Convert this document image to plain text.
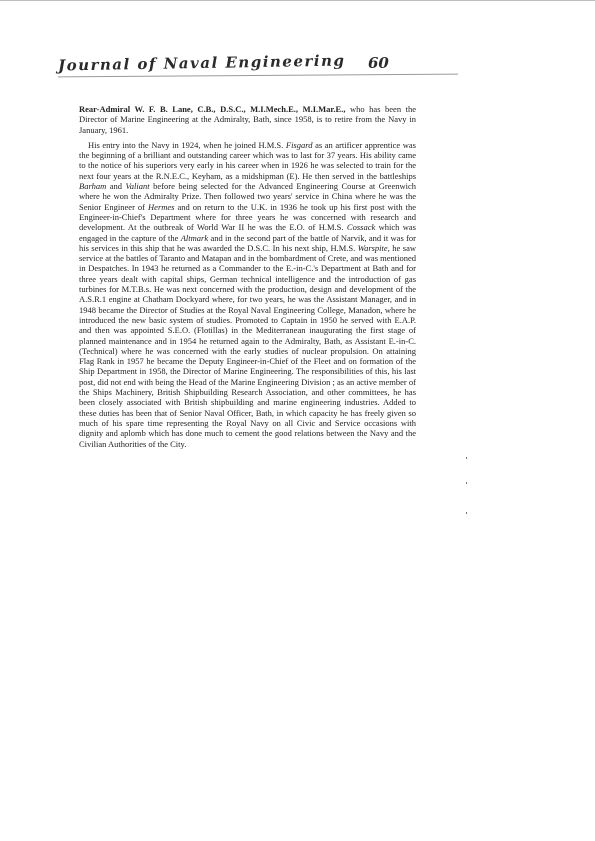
Journal of Naval Engineering 60

Rear-Admiral W. F. B. Lane, C.B., D.S.C., M.I.Mech.E., M.I.Mar.E., who has been the Director of Marine Engineering at the Admiralty, Bath, since 1958, is to retire from the Navy in January, 1961.

His entry into the Navy in 1924, when he joined H.M.S. Fisgard as an artificer apprentice was the beginning of a brilliant and outstanding career which was to last for 37 years. His ability came to the notice of his superiors very early in his career when in 1926 he was selected to train for the next four years at the R.N.E.C., Keyham, as a midshipman (E). He then served in the battleships Barham and Valiant before being selected for the Advanced Engineering Course at Greenwich where he won the Admiralty Prize. Then followed two years' service in China where he was the Senior Engineer of Hermes and on return to the U.K. in 1936 he took up his first post with the Engineer-in-Chief's Department where for three years he was concerned with research and development. At the outbreak of World War II he was the E.O. of H.M.S. Cossack which was engaged in the capture of the Altmark and in the second part of the battle of Narvik, and it was for his services in this ship that he was awarded the D.S.C. In his next ship, H.M.S. Warspite, he saw service at the battles of Taranto and Matapan and in the bombardment of Crete, and was mentioned in Despatches. In 1943 he returned as a Commander to the E.-in-C.'s Department at Bath and for three years dealt with capital ships, German technical intelligence and the introduction of gas turbines for M.T.B.s. He was next concerned with the production, design and development of the A.S.R.1 engine at Chatham Dockyard where, for two years, he was the Assistant Manager, and in 1948 became the Director of Studies at the Royal Naval Engineering College, Manadon, where he introduced the new basic system of studies. Promoted to Captain in 1950 he served with E.A.P. and then was appointed S.E.O. (Flotillas) in the Mediterranean inaugurating the first stage of planned maintenance and in 1954 he returned again to the Admiralty, Bath, as Assistant E.-in-C. (Technical) where he was concerned with the early studies of nuclear propulsion. On attaining Flag Rank in 1957 he became the Deputy Engineer-in-Chief of the Fleet and on formation of the Ship Department in 1958, the Director of Marine Engineering. The responsibilities of this, his last post, did not end with being the Head of the Marine Engineering Division ; as an active member of the Ships Machinery, British Shipbuilding Research Association, and other committees, he has been closely associated with British shipbuilding and marine engineering industries. Added to these duties has been that of Senior Naval Officer, Bath, in which capacity he has freely given so much of his spare time representing the Royal Navy on all Civic and Service occasions with dignity and aplomb which has done much to cement the good relations between the Navy and the Civilian Authorities of the City.
